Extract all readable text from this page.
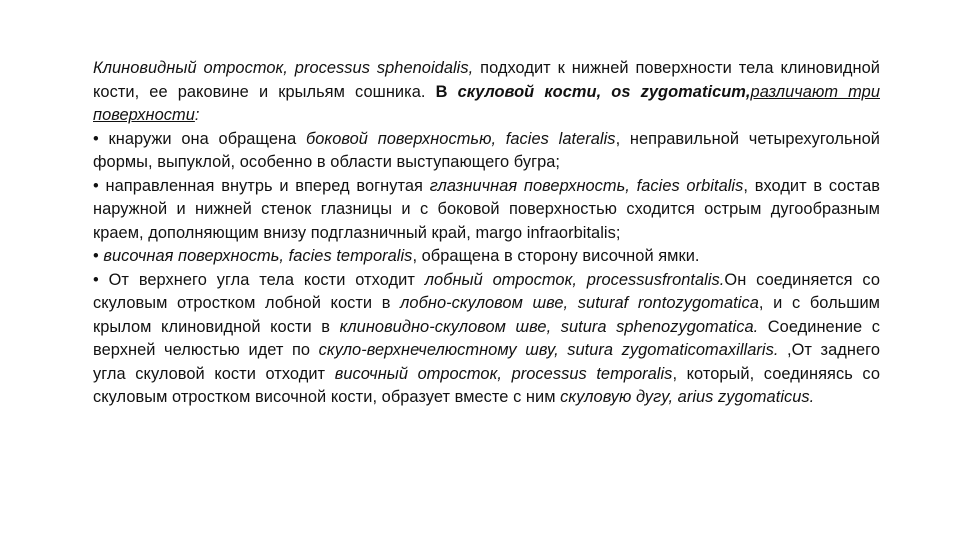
Клиновидный отросток, processus sphenoidalis, подходит к нижней поверхности тела клиновидной кости, ее раковине и крыльям сошника. В скуловой кости, os zygomaticum,различают три поверхности:

• кнаружи она обращена боковой поверхностью, facies lateralis, неправильной четырехугольной формы, выпуклой, особенно в области выступающего бугра;

• направленная внутрь и вперед вогнутая глазничная поверхность, facies orbitalis, входит в состав наружной и нижней стенок глазницы и с боковой поверхностью сходится острым дугообразным краем, дополняющим внизу подглазничный край, margo infraorbitalis;

• височная поверхность, facies temporalis, обращена в сторону височной ямки.

• От верхнего угла тела кости отходит лобный отросток, processusfrontalis.Он соединяется со скуловым отростком лобной кости в лобно-скуловом шве, suturaf rontozygomatica, и с большим крылом клиновидной кости в клиновидно-скуловом шве, sutura sphenozygomatica. Соединение с верхней челюстью идет по скуло-верхнечелюстному шву, sutura zygomaticomaxillaris. ,От заднего угла скуловой кости отходит височный отросток, processus temporalis, который, соединяясь со скуловым отростком височной кости, образует вместе с ним скуловую дугу, arius zygomaticus.
